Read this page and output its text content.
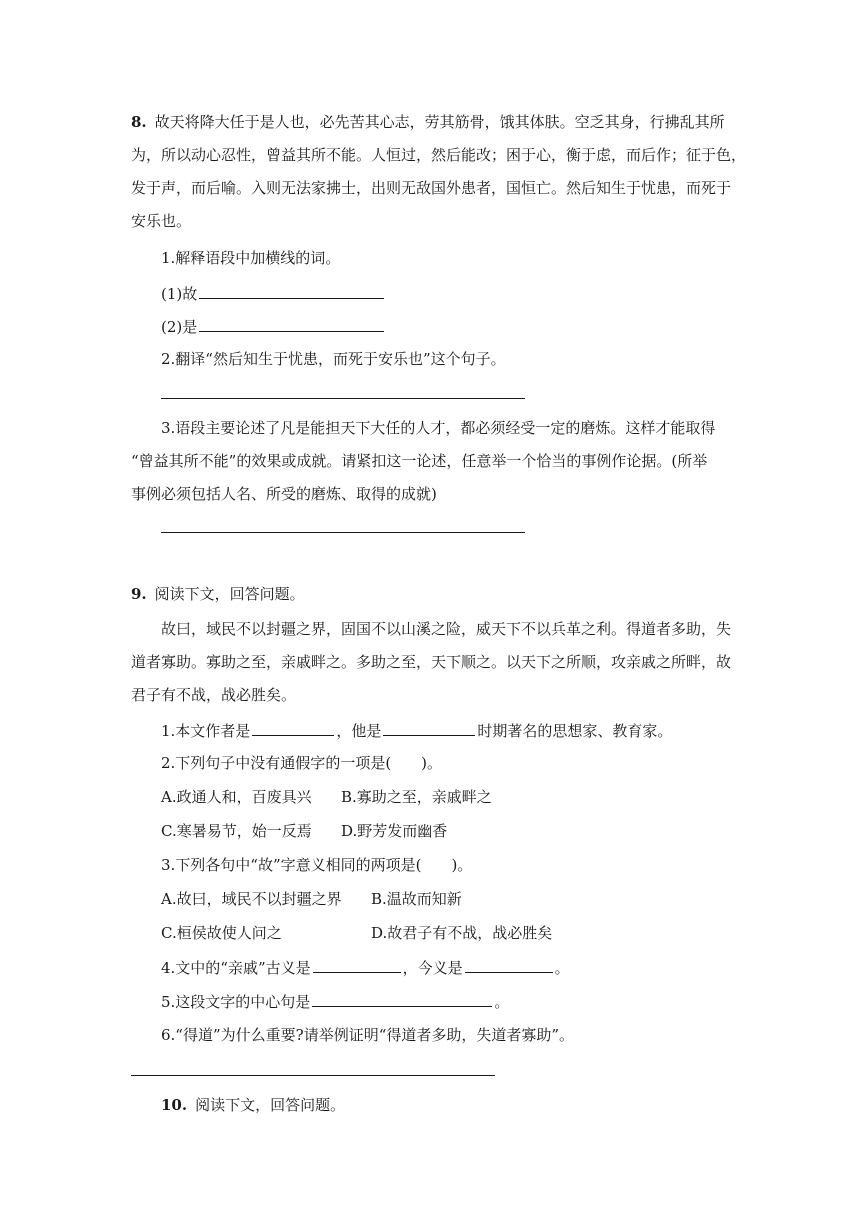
8. 故天将降大任于是人也，必先苦其心志，劳其筋骨，饿其体肤。空乏其身，行拂乱其所
为，所以动心忍性，曾益其所不能。人恒过，然后能改；困于心，衡于虑，而后作；征于色，
发于声，而后喻。入则无法家拂士，出则无敌国外患者，国恒亡。然后知生于忧患，而死于
安乐也。
1.解释语段中加横线的词。
(1)故
(2)是
2.翻译“然后知生于忧患，而死于安乐也”这个句子。
3.语段主要论述了凡是能担天下大任的人才，都必须经受一定的磨炼。这样才能取得
“曾益其所不能”的效果或成就。请紧扣这一论述，任意举一个恰当的事例作论据。(所举
事例必须包括人名、所受的磨炼、取得的成就)
9. 阅读下文，回答问题。
故曰，域民不以封疆之界，固国不以山溪之险，威天下不以兵革之利。得道者多助，失
道者寡助。寡助之至，亲戚畔之。多助之至，天下顺之。以天下之所顺，攻亲戚之所畔，故
君子有不战，战必胜矣。
1.本文作者是	，他是	时期著名的思想家、教育家。
2.下列句子中没有通假字的一项是(　　)。
A.政通人和，百废具兴 B.寡助之至，亲戚畔之
C.寒暑易节，始一反焉 D.野芳发而幽香
3.下列各句中“故”字意义相同的两项是(　　)。
A.故曰，域民不以封疆之界 B.温故而知新
C.桓侯故使人问之	D.故君子有不战，战必胜矣
4.文中的“亲戚”古义是	，今义是	。
5.这段文字的中心句是	。
6.“得道”为什么重要?请举例证明“得道者多助，失道者寡助”。
10. 阅读下文，回答问题。
